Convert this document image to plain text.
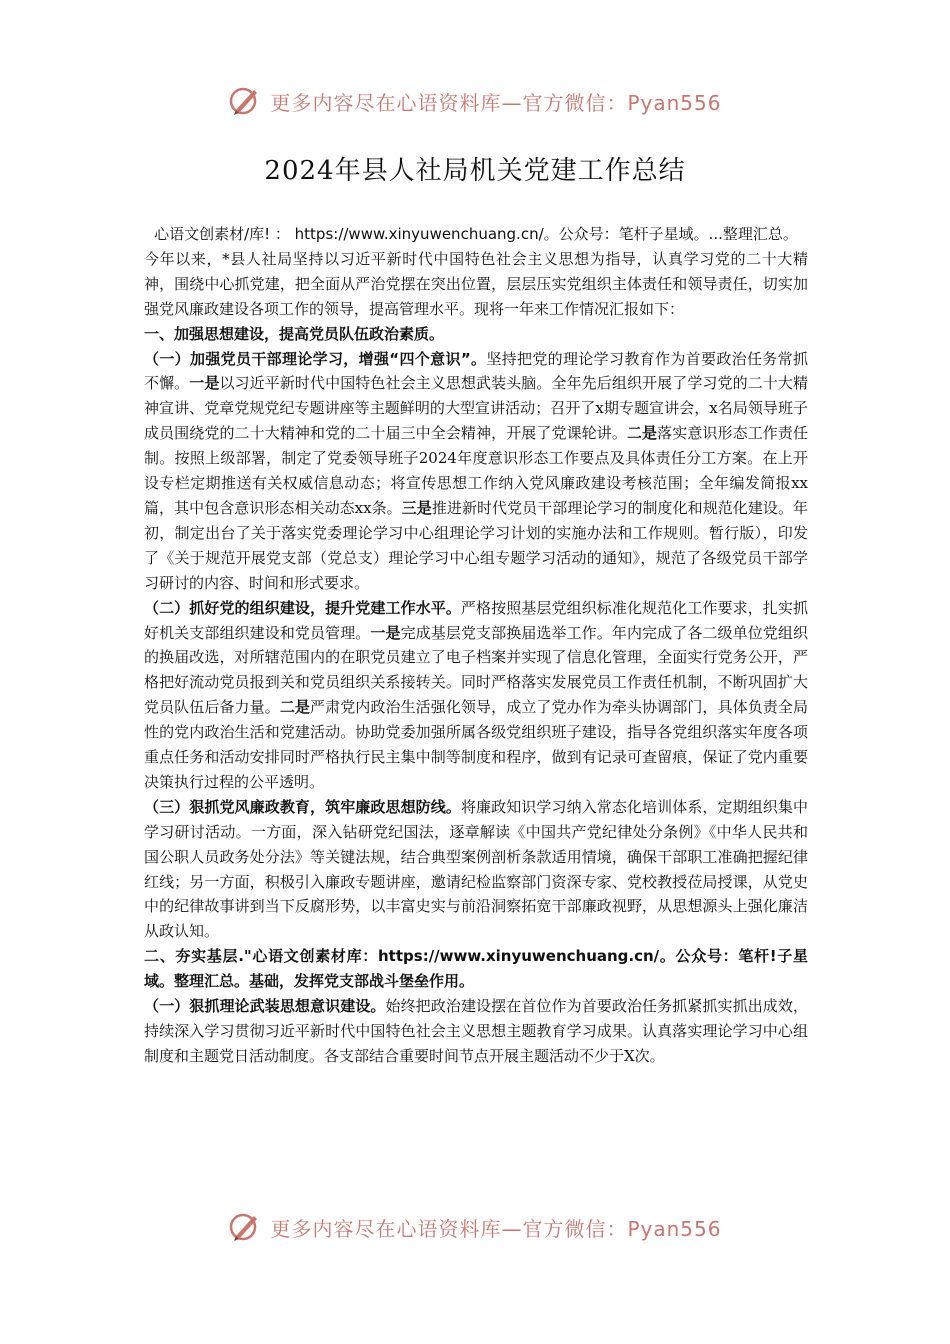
更多内容尽在心语资料库—官方微信：Pyan556
2024年县人社局机关党建工作总结

心语文创素材/库! ： https://www.xinyuwenchuang.cn/。公众号：笔杆子星域。...整理汇总。

今年以来，*县人社局坚持以习近平新时代中国特色社会主义思想为指导，认真学习党的二十大精神，围绕中心抓党建，把全面从严治党摆在突出位置，层层压实党组织主体责任和领导责任，切实加强党风廉政建设各项工作的领导，提高管理水平。现将一年来工作情况汇报如下：

一、加强思想建设，提高党员队伍政治素质。

（一）加强党员干部理论学习，增强“四个意识”。坚持把党的理论学习教育作为首要政治任务常抓不懈。一是以习近平新时代中国特色社会主义思想武装头脑。全年先后组织开展了学习党的二十大精神宣讲、党章党规党纪专题讲座等主题鲜明的大型宣讲活动；召开了x期专题宣讲会，x名局领导班子成员围绕党的二十大精神和党的二十届三中全会精神，开展了党课轮讲。二是落实意识形态工作责任制。按照上级部署，制定了党委领导班子2024年度意识形态工作要点及具体责任分工方案。在上开设专栏定期推送有关权威信息动态；将宣传思想工作纳入党风廉政建设考核范围；全年编发简报xx篇，其中包含意识形态相关动态xx条。三是推进新时代党员干部理论学习的制度化和规范化建设。年初，制定出台了关于落实党委理论学习中心组理论学习计划的实施办法和工作规则。暂行版），印发了《关于规范开展党支部（党总支）理论学习中心组专题学习活动的通知》，规范了各级党员干部学习研讨的内容、时间和形式要求。

（二）抓好党的组织建设，提升党建工作水平。严格按照基层党组织标准化规范化工作要求，扎实抓好机关支部组织建设和党员管理。一是完成基层党支部换届选举工作。年内完成了各二级单位党组织的换届改选，对所辖范围内的在职党员建立了电子档案并实现了信息化管理，全面实行党务公开，严格把好流动党员报到关和党员组织关系接转关。同时严格落实发展党员工作责任机制，不断巩固扩大党员队伍后备力量。二是严肃党内政治生活强化领导，成立了党办作为牵头协调部门，具体负责全局性的党内政治生活和党建活动。协助党委加强所属各级党组织班子建设，指导各党组织落实年度各项重点任务和活动安排同时严格执行民主集中制等制度和程序，做到有记录可查留痕，保证了党内重要决策执行过程的公平透明。

（三）狠抓党风廉政教育，筑牢廉政思想防线。将廉政知识学习纳入常态化培训体系，定期组织集中学习研讨活动。一方面，深入钻研党纪国法，逐章解读《中国共产党纪律处分条例》《中华人民共和国公职人员政务处分法》等关键法规，结合典型案例剖析条款适用情境，确保干部职工准确把握纪律红线；另一方面，积极引入廉政专题讲座，邀请纪检监察部门资深专家、党校教授莅局授课，从党史中的纪律故事讲到当下反腐形势，以丰富史实与前沿洞察拓宽干部廉政视野，从思想源头上强化廉洁从政认知。

二、夯实基层."心语文创素材库：https://www.xinyuwenchuang.cn/。公众号：笔杆!子星域。整理汇总。基础，发挥党支部战斗堡垒作用。

（一）狠抓理论武装思想意识建设。始终把政治建设摆在首位作为首要政治任务抓紧抓实抓出成效，持续深入学习贯彻习近平新时代中国特色社会主义思想主题教育学习成果。认真落实理论学习中心组制度和主题党日活动制度。各支部结合重要时间节点开展主题活动不少于X次。

更多内容尽在心语资料库—官方微信：Pyan556
